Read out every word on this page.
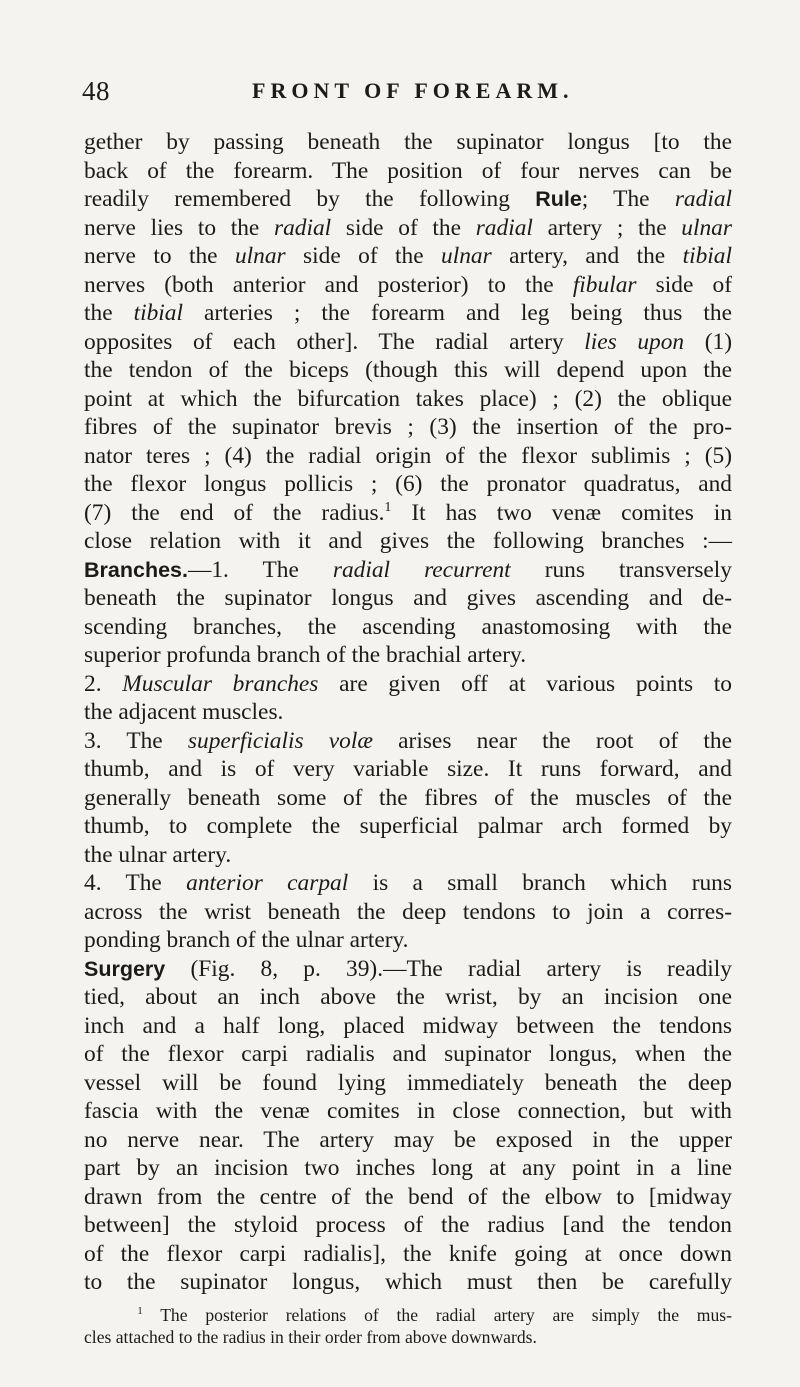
48	FRONT OF FOREARM.
gether by passing beneath the supinator longus [to the
back of the forearm. The position of four nerves can be
readily remembered by the following Rule; The radial
nerve lies to the radial side of the radial artery ; the ulnar
nerve to the ulnar side of the ulnar artery, and the tibial
nerves (both anterior and posterior) to the fibular side of
the tibial arteries ; the forearm and leg being thus the
opposites of each other]. The radial artery lies upon (1)
the tendon of the biceps (though this will depend upon the
point at which the bifurcation takes place) ; (2) the oblique
fibres of the supinator brevis ; (3) the insertion of the pro-
nator teres ; (4) the radial origin of the flexor sublimis ; (5)
the flexor longus pollicis ; (6) the pronator quadratus, and
(7) the end of the radius.$^1$ It has two venæ comites in
close relation with it and gives the following branches :—
Branches.—1. The radial recurrent runs transversely
beneath the supinator longus and gives ascending and de-
scending branches, the ascending anastomosing with the
superior profunda branch of the brachial artery.
2. Muscular branches are given off at various points to
the adjacent muscles.
3. The superficialis volæ arises near the root of the
thumb, and is of very variable size. It runs forward, and
generally beneath some of the fibres of the muscles of the
thumb, to complete the superficial palmar arch formed by
the ulnar artery.
4. The anterior carpal is a small branch which runs
across the wrist beneath the deep tendons to join a corres-
ponding branch of the ulnar artery.
Surgery (Fig. 8, p. 39).—The radial artery is readily
tied, about an inch above the wrist, by an incision one
inch and a half long, placed midway between the tendons
of the flexor carpi radialis and supinator longus, when the
vessel will be found lying immediately beneath the deep
fascia with the venæ comites in close connection, but with
no nerve near. The artery may be exposed in the upper
part by an incision two inches long at any point in a line
drawn from the centre of the bend of the elbow to [midway
between] the styloid process of the radius [and the tendon
of the flexor carpi radialis], the knife going at once down
to the supinator longus, which must then be carefully
$^1$ The posterior relations of the radial artery are simply the mus-
cles attached to the radius in their order from above downwards.
